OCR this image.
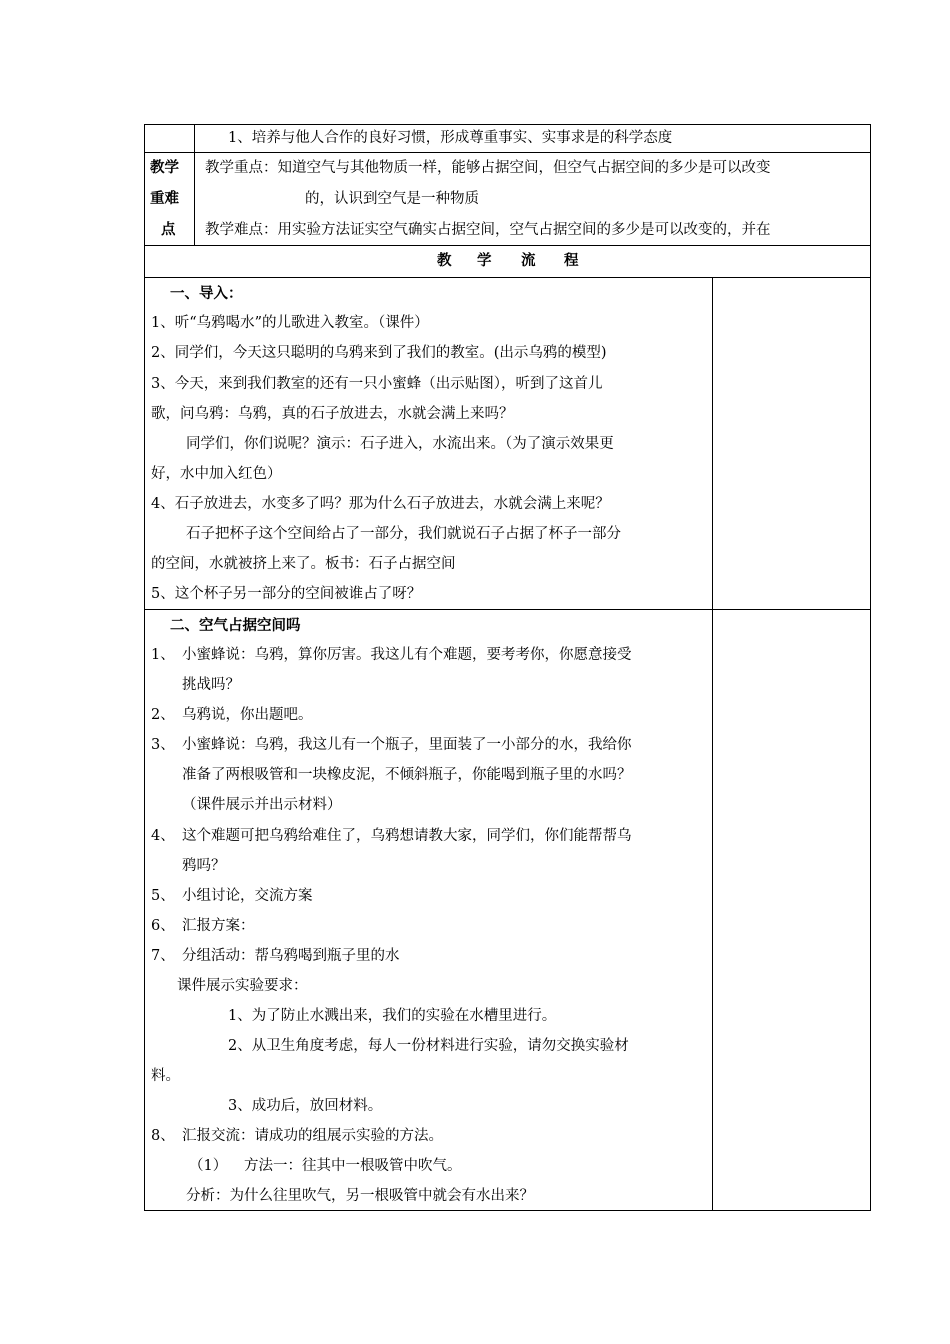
1、培养与他人合作的良好习惯，形成尊重事实、实事求是的科学态度
教学
重难
点
教学重点：知道空气与其他物质一样，能够占据空间，但空气占据空间的多少是可以改变
的，认识到空气是一种物质
教学难点：用实验方法证实空气确实占据空间，空气占据空间的多少是可以改变的，并在
教 学 流 程
一、导入：
1、听“乌鸦喝水”的儿歌进入教室。（课件）
2、同学们，今天这只聪明的乌鸦来到了我们的教室。(出示乌鸦的模型)
3、今天，来到我们教室的还有一只小蜜蜂（出示贴图），听到了这首儿
歌，问乌鸦：乌鸦，真的石子放进去，水就会满上来吗？
同学们，你们说呢？演示：石子进入，水流出来。（为了演示效果更
好，水中加入红色）
4、石子放进去，水变多了吗？那为什么石子放进去，水就会满上来呢？
石子把杯子这个空间给占了一部分，我们就说石子占据了杯子一部分
的空间，水就被挤上来了。板书：石子占据空间
5、这个杯子另一部分的空间被谁占了呀？
二、空气占据空间吗
1、 小蜜蜂说：乌鸦，算你厉害。我这儿有个难题，要考考你，你愿意接受
挑战吗？
2、 乌鸦说，你出题吧。
3、 小蜜蜂说：乌鸦，我这儿有一个瓶子，里面装了一小部分的水，我给你
准备了两根吸管和一块橡皮泥，不倾斜瓶子，你能喝到瓶子里的水吗？
（课件展示并出示材料）
4、 这个难题可把乌鸦给难住了，乌鸦想请教大家，同学们，你们能帮帮乌
鸦吗？
5、 小组讨论，交流方案
6、 汇报方案：
7、 分组活动：帮乌鸦喝到瓶子里的水
课件展示实验要求：
1、为了防止水溅出来，我们的实验在水槽里进行。
2、从卫生角度考虑，每人一份材料进行实验，请勿交换实验材
料。
3、成功后，放回材料。
8、 汇报交流：请成功的组展示实验的方法。
（1） 方法一：往其中一根吸管中吹气。
分析：为什么往里吹气，另一根吸管中就会有水出来？
